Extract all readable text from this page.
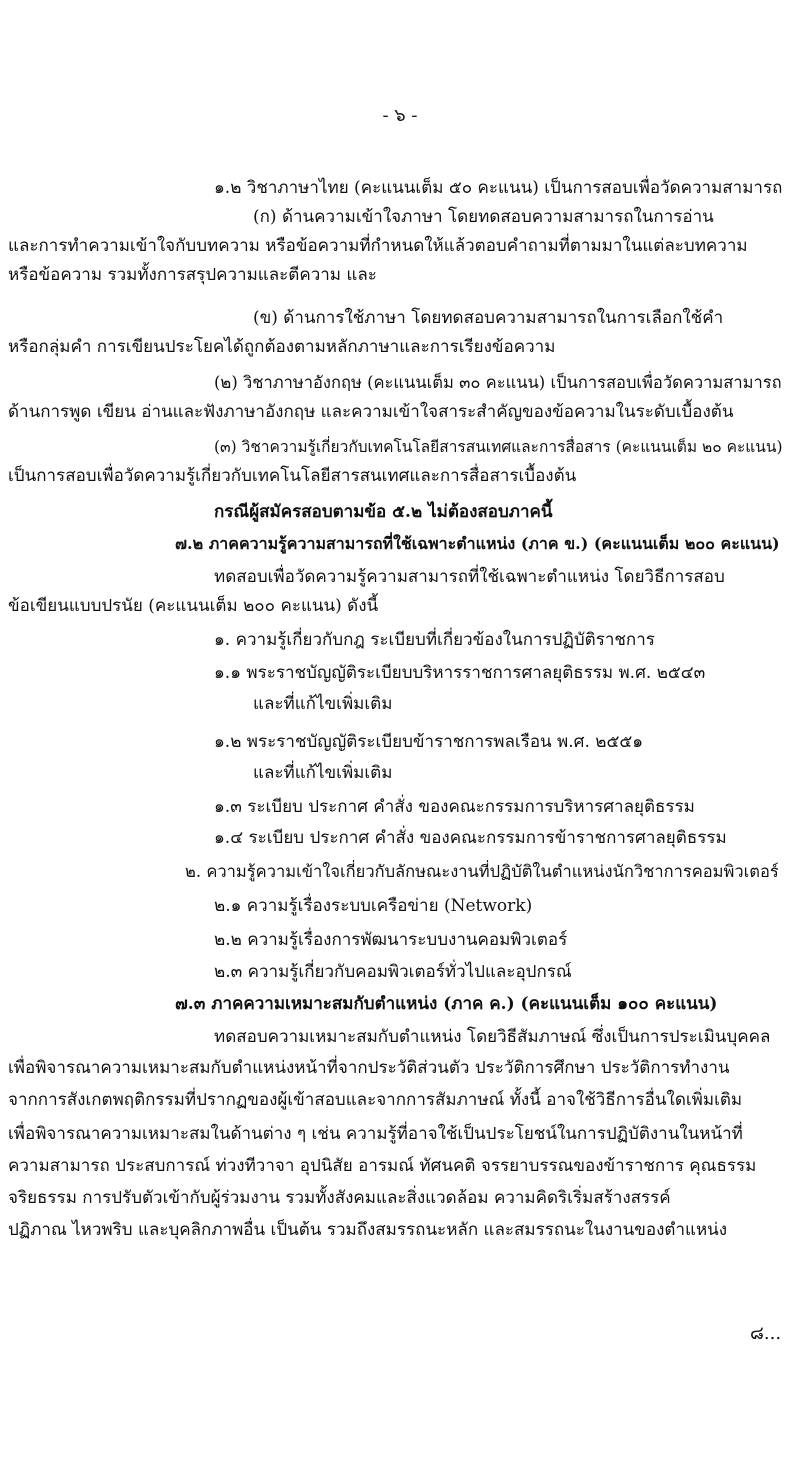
- ๖ -
๑.๒ วิชาภาษาไทย (คะแนนเต็ม ๕๐ คะแนน) เป็นการสอบเพื่อวัดความสามารถ
(ก) ด้านความเข้าใจภาษา โดยทดสอบความสามารถในการอ่าน
และการทำความเข้าใจกับบทความ หรือข้อความที่กำหนดให้แล้วตอบคำถามที่ตามมาในแต่ละบทความ
หรือข้อความ รวมทั้งการสรุปความและตีความ และ
(ข) ด้านการใช้ภาษา โดยทดสอบความสามารถในการเลือกใช้คำ
หรือกลุ่มคำ การเขียนประโยคได้ถูกต้องตามหลักภาษาและการเรียงข้อความ
(๒) วิชาภาษาอังกฤษ (คะแนนเต็ม ๓๐ คะแนน) เป็นการสอบเพื่อวัดความสามารถ
ด้านการพูด เขียน อ่านและฟังภาษาอังกฤษ และความเข้าใจสาระสำคัญของข้อความในระดับเบื้องต้น
(๓) วิชาความรู้เกี่ยวกับเทคโนโลยีสารสนเทศและการสื่อสาร (คะแนนเต็ม ๒๐ คะแนน)
เป็นการสอบเพื่อวัดความรู้เกี่ยวกับเทคโนโลยีสารสนเทศและการสื่อสารเบื้องต้น
กรณีผู้สมัครสอบตามข้อ ๕.๒ ไม่ต้องสอบภาคนี้
๗.๒ ภาคความรู้ความสามารถที่ใช้เฉพาะตำแหน่ง (ภาค ข.) (คะแนนเต็ม ๒๐๐ คะแนน)
ทดสอบเพื่อวัดความรู้ความสามารถที่ใช้เฉพาะตำแหน่ง โดยวิธีการสอบ
ข้อเขียนแบบปรนัย (คะแนนเต็ม ๒๐๐ คะแนน) ดังนี้
๑. ความรู้เกี่ยวกับกฎ ระเบียบที่เกี่ยวข้องในการปฏิบัติราชการ
๑.๑ พระราชบัญญัติระเบียบบริหารราชการศาลยุติธรรม พ.ศ. ๒๕๔๓
และที่แก้ไขเพิ่มเติม
๑.๒ พระราชบัญญัติระเบียบข้าราชการพลเรือน พ.ศ. ๒๕๕๑
และที่แก้ไขเพิ่มเติม
๑.๓ ระเบียบ ประกาศ คำสั่ง ของคณะกรรมการบริหารศาลยุติธรรม
๑.๔ ระเบียบ ประกาศ คำสั่ง ของคณะกรรมการข้าราชการศาลยุติธรรม
๒. ความรู้ความเข้าใจเกี่ยวกับลักษณะงานที่ปฏิบัติในตำแหน่งนักวิชาการคอมพิวเตอร์
๒.๑ ความรู้เรื่องระบบเครือข่าย (Network)
๒.๒ ความรู้เรื่องการพัฒนาระบบงานคอมพิวเตอร์
๒.๓ ความรู้เกี่ยวกับคอมพิวเตอร์ทั่วไปและอุปกรณ์
๗.๓ ภาคความเหมาะสมกับตำแหน่ง (ภาค ค.) (คะแนนเต็ม ๑๐๐ คะแนน)
ทดสอบความเหมาะสมกับตำแหน่ง โดยวิธีสัมภาษณ์ ซึ่งเป็นการประเมินบุคคล
เพื่อพิจารณาความเหมาะสมกับตำแหน่งหน้าที่จากประวัติส่วนตัว ประวัติการศึกษา ประวัติการทำงาน
จากการสังเกตพฤติกรรมที่ปรากฏของผู้เข้าสอบและจากการสัมภาษณ์ ทั้งนี้ อาจใช้วิธีการอื่นใดเพิ่มเติม
เพื่อพิจารณาความเหมาะสมในด้านต่าง ๆ เช่น ความรู้ที่อาจใช้เป็นประโยชน์ในการปฏิบัติงานในหน้าที่
ความสามารถ ประสบการณ์ ท่วงทีวาจา อุปนิสัย อารมณ์ ทัศนคติ จรรยาบรรณของข้าราชการ คุณธรรม
จริยธรรม การปรับตัวเข้ากับผู้ร่วมงาน รวมทั้งสังคมและสิ่งแวดล้อม ความคิดริเริ่มสร้างสรรค์
ปฏิภาณ ไหวพริบ และบุคลิกภาพอื่น เป็นต้น รวมถึงสมรรถนะหลัก และสมรรถนะในงานของตำแหน่ง
๘...
